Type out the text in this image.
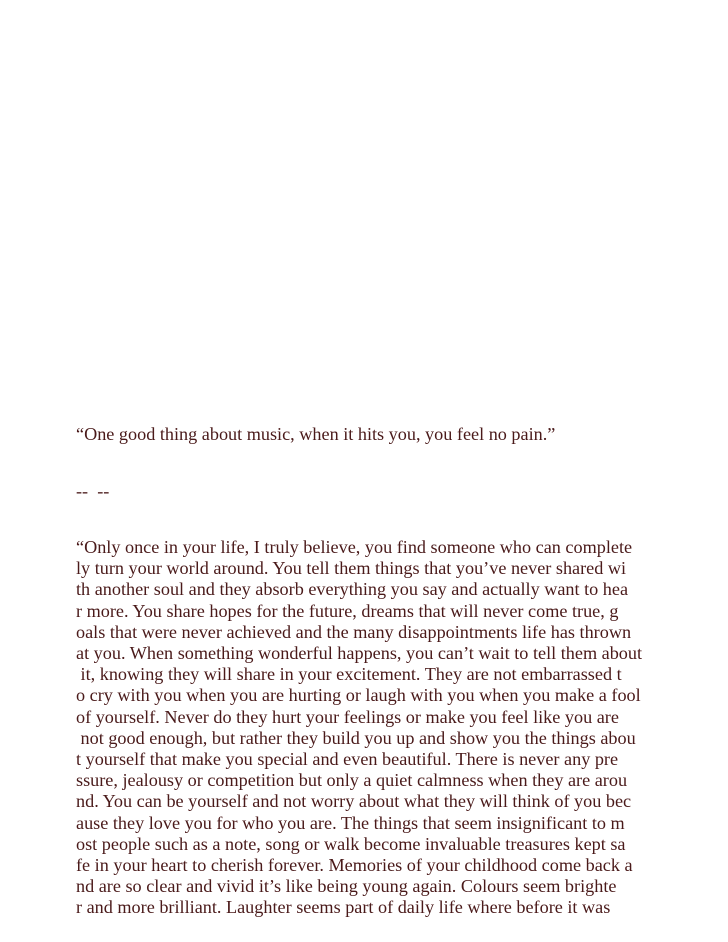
“One good thing about music, when it hits you, you feel no pain.”

--  --

“Only once in your life, I truly believe, you find someone who can complete
ly turn your world around. You tell them things that you’ve never shared wi
th another soul and they absorb everything you say and actually want to hea
r more. You share hopes for the future, dreams that will never come true, g
oals that were never achieved and the many disappointments life has thrown
at you. When something wonderful happens, you can’t wait to tell them about
it, knowing they will share in your excitement. They are not embarrassed t
o cry with you when you are hurting or laugh with you when you make a fool
of yourself. Never do they hurt your feelings or make you feel like you are
not good enough, but rather they build you up and show you the things abou
t yourself that make you special and even beautiful. There is never any pre
ssure, jealousy or competition but only a quiet calmness when they are arou
nd. You can be yourself and not worry about what they will think of you bec
ause they love you for who you are. The things that seem insignificant to m
ost people such as a note, song or walk become invaluable treasures kept sa
fe in your heart to cherish forever. Memories of your childhood come back a
nd are so clear and vivid it’s like being young again. Colours seem brighte
r and more brilliant. Laughter seems part of daily life where before it was
